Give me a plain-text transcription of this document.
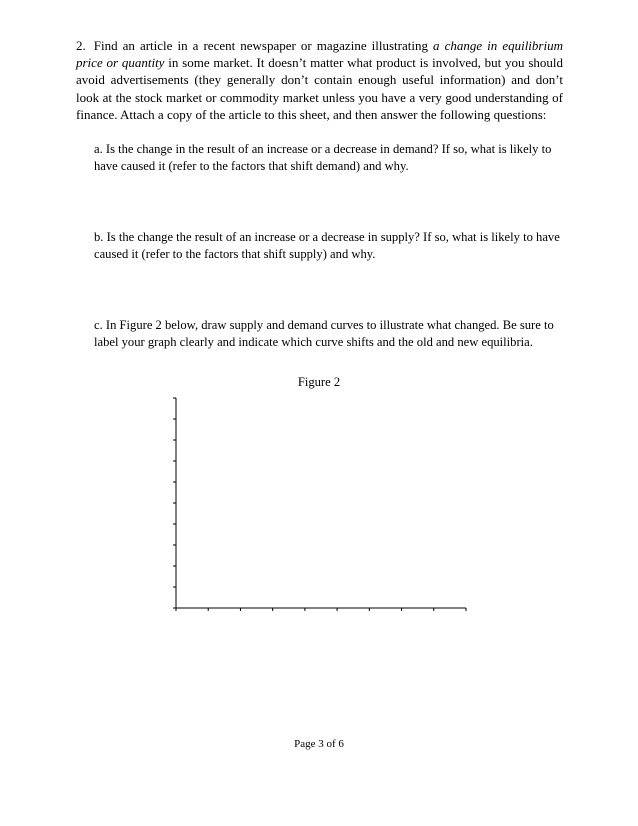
2. Find an article in a recent newspaper or magazine illustrating a change in equilibrium price or quantity in some market. It doesn’t matter what product is involved, but you should avoid advertisements (they generally don’t contain enough useful information) and don’t look at the stock market or commodity market unless you have a very good understanding of finance. Attach a copy of the article to this sheet, and then answer the following questions:

a. Is the change in the result of an increase or a decrease in demand? If so, what is likely to have caused it (refer to the factors that shift demand) and why.

b. Is the change the result of an increase or a decrease in supply? If so, what is likely to have caused it (refer to the factors that shift supply) and why.

c. In Figure 2 below, draw supply and demand curves to illustrate what changed. Be sure to label your graph clearly and indicate which curve shifts and the old and new equilibria.

Figure 2

Page 3 of 6
